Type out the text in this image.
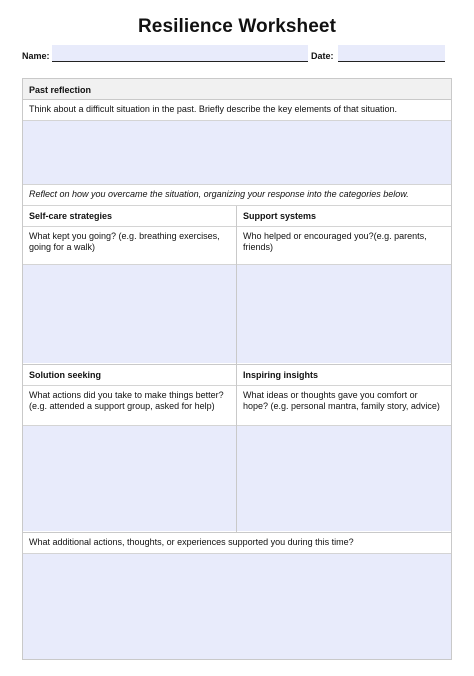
Resilience Worksheet
Name:	Date:
Past reflection
Think about a difficult situation in the past. Briefly describe the key elements of that situation.
Reflect on how you overcame the situation, organizing your response into the categories below.
Self-care strategies
What kept you going? (e.g. breathing exercises, going for a walk)
Support systems
Who helped or encouraged you?(e.g. parents, friends)
Solution seeking
What actions did you take to make things better? (e.g. attended a support group, asked for help)
Inspiring insights
What ideas or thoughts gave you comfort or hope? (e.g. personal mantra, family story, advice)
What additional actions, thoughts, or experiences supported you during this time?
